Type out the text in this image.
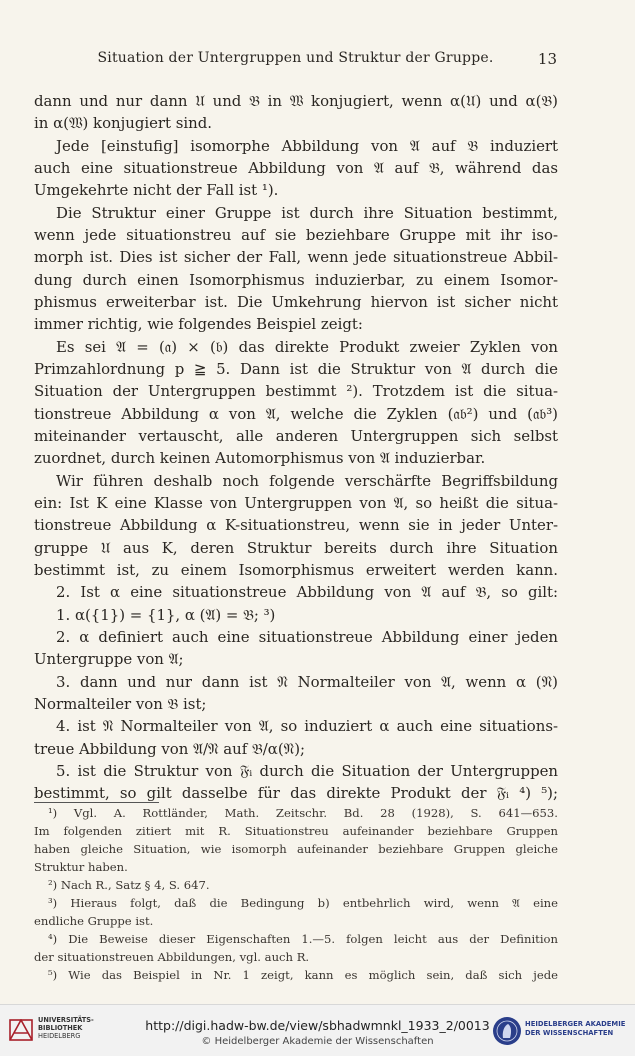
Situation der Untergruppen und Struktur der Gruppe.	13
dann und nur dann 𝔘 und 𝔅 in 𝔚 konjugiert, wenn α(𝔘) und α(𝔅)
in α(𝔚) konjugiert sind.
Jede [einstufig] isomorphe Abbildung von 𝔄 auf 𝔅 induziert
auch eine situationstreue Abbildung von 𝔄 auf 𝔅, während das
Umgekehrte nicht der Fall ist ¹).
Die Struktur einer Gruppe ist durch ihre Situation bestimmt,
wenn jede situationstreu auf sie beziehbare Gruppe mit ihr iso-
morph ist. Dies ist sicher der Fall, wenn jede situationstreue Abbil-
dung durch einen Isomorphismus induzierbar, zu einem Isomor-
phismus erweiterbar ist. Die Umkehrung hiervon ist sicher nicht
immer richtig, wie folgendes Beispiel zeigt:
Es sei 𝔄 = (𝔞) × (𝔟) das direkte Produkt zweier Zyklen von
Primzahlordnung p ≧ 5. Dann ist die Struktur von 𝔄 durch die
Situation der Untergruppen bestimmt ²). Trotzdem ist die situa-
tionstreue Abbildung α von 𝔄, welche die Zyklen (𝔞𝔟²) und (𝔞𝔟³)
miteinander vertauscht, alle anderen Untergruppen sich selbst
zuordnet, durch keinen Automorphismus von 𝔄 induzierbar.
Wir führen deshalb noch folgende verschärfte Begriffsbildung
ein: Ist K eine Klasse von Untergruppen von 𝔄, so heißt die situa-
tionstreue Abbildung α K-situationstreu, wenn sie in jeder Unter-
gruppe 𝔘 aus K, deren Struktur bereits durch ihre Situation
bestimmt ist, zu einem Isomorphismus erweitert werden kann.
2. Ist α eine situationstreue Abbildung von 𝔄 auf 𝔅, so gilt:
1. α({1}) = {1}, α (𝔄) = 𝔅; ³)
2. α definiert auch eine situationstreue Abbildung einer jeden
Untergruppe von 𝔄;
3. dann und nur dann ist 𝔑 Normalteiler von 𝔄, wenn α (𝔑)
Normalteiler von 𝔅 ist;
4. ist 𝔑 Normalteiler von 𝔄, so induziert α auch eine situations-
treue Abbildung von 𝔄/𝔑 auf 𝔅/α(𝔑);
5. ist die Struktur von 𝔉ᵢ durch die Situation der Untergruppen
bestimmt, so gilt dasselbe für das direkte Produkt der 𝔉ᵢ ⁴) ⁵);
¹) Vgl. A. Rottländer, Math. Zeitschr. Bd. 28 (1928), S. 641—653.
Im folgenden zitiert mit R. Situationstreu aufeinander beziehbare Gruppen
haben gleiche Situation, wie isomorph aufeinander beziehbare Gruppen gleiche
Struktur haben.
²) Nach R., Satz § 4, S. 647.
³) Hieraus folgt, daß die Bedingung b) entbehrlich wird, wenn 𝔄 eine
endliche Gruppe ist.
⁴) Die Beweise dieser Eigenschaften 1.—5. folgen leicht aus der Definition
der situationstreuen Abbildungen, vgl. auch R.
⁵) Wie das Beispiel in Nr. 1 zeigt, kann es möglich sein, daß sich jede
UNIVERSITÄTS-
BIBLIOTHEK
HEIDELBERG
http://digi.hadw-bw.de/view/sbhadwmnkl_1933_2/0013
© Heidelberger Akademie der Wissenschaften
HEIDELBERGER AKADEMIE
DER WISSENSCHAFTEN
